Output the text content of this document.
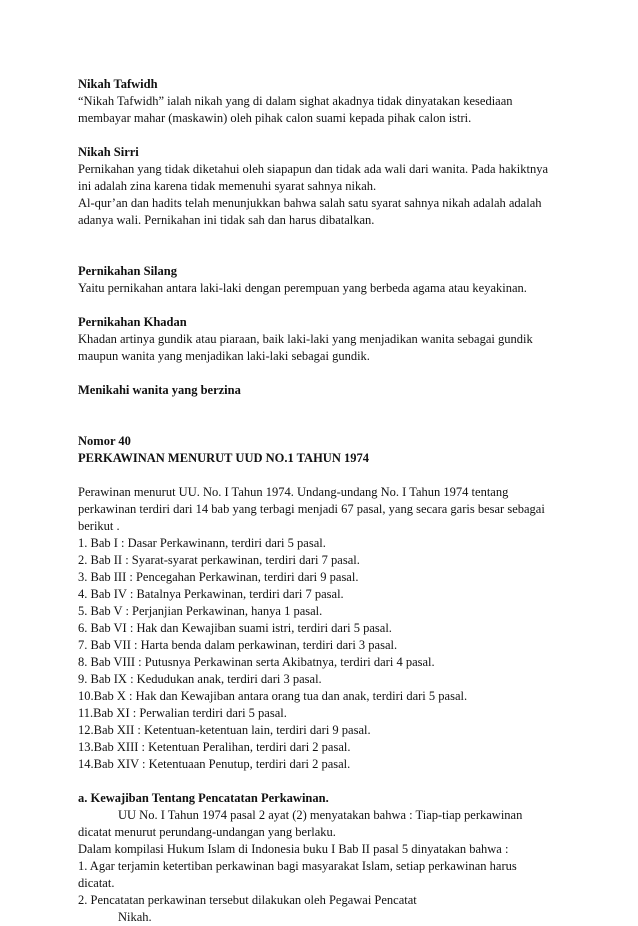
Nikah Tafwidh
“Nikah Tafwidh” ialah nikah yang di dalam sighat akadnya tidak dinyatakan kesediaan
membayar mahar (maskawin) oleh pihak calon suami kepada pihak calon istri.
Nikah Sirri
Pernikahan yang tidak diketahui oleh siapapun dan tidak ada wali dari wanita. Pada hakiktnya
ini adalah zina karena tidak memenuhi syarat sahnya nikah.
Al-qur’an dan hadits telah menunjukkan bahwa salah satu syarat sahnya nikah adalah adalah
adanya wali. Pernikahan ini tidak sah dan harus dibatalkan.
Pernikahan Silang
Yaitu pernikahan antara laki-laki dengan perempuan yang berbeda agama atau keyakinan.
Pernikahan Khadan
Khadan artinya gundik atau piaraan, baik laki-laki yang menjadikan wanita sebagai gundik
maupun wanita yang menjadikan laki-laki sebagai gundik.
Menikahi wanita yang berzina
Nomor 40
PERKAWINAN MENURUT UUD NO.1 TAHUN 1974
Perawinan menurut UU. No. I Tahun 1974. Undang-undang No. I Tahun 1974 tentang
perkawinan terdiri dari 14 bab yang terbagi menjadi 67 pasal, yang secara garis besar sebagai
berikut .
1. Bab I : Dasar Perkawinann, terdiri dari 5 pasal.
2. Bab II : Syarat-syarat perkawinan, terdiri dari 7 pasal.
3. Bab III : Pencegahan Perkawinan, terdiri dari 9 pasal.
4. Bab IV : Batalnya Perkawinan, terdiri dari 7 pasal.
5. Bab V : Perjanjian Perkawinan, hanya 1 pasal.
6. Bab VI : Hak dan Kewajiban suami istri, terdiri dari 5 pasal.
7. Bab VII : Harta benda dalam perkawinan, terdiri dari 3 pasal.
8. Bab VIII : Putusnya Perkawinan serta Akibatnya, terdiri dari 4 pasal.
9. Bab IX : Kedudukan anak, terdiri dari 3 pasal.
10.Bab X : Hak dan Kewajiban antara orang tua dan anak, terdiri dari 5 pasal.
11.Bab XI : Perwalian terdiri dari 5 pasal.
12.Bab XII : Ketentuan-ketentuan lain, terdiri dari 9 pasal.
13.Bab XIII : Ketentuan Peralihan, terdiri dari 2 pasal.
14.Bab XIV : Ketentuaan Penutup, terdiri dari 2 pasal.
a. Kewajiban Tentang Pencatatan Perkawinan.
UU No. I Tahun 1974 pasal 2 ayat (2) menyatakan bahwa : Tiap-tiap perkawinan
dicatat menurut perundang-undangan yang berlaku.
Dalam kompilasi Hukum Islam di Indonesia buku I Bab II pasal 5 dinyatakan bahwa :
1. Agar terjamin ketertiban perkawinan bagi masyarakat Islam, setiap perkawinan harus
dicatat.
2. Pencatatan perkawinan tersebut dilakukan oleh Pegawai Pencatat
Nikah.
